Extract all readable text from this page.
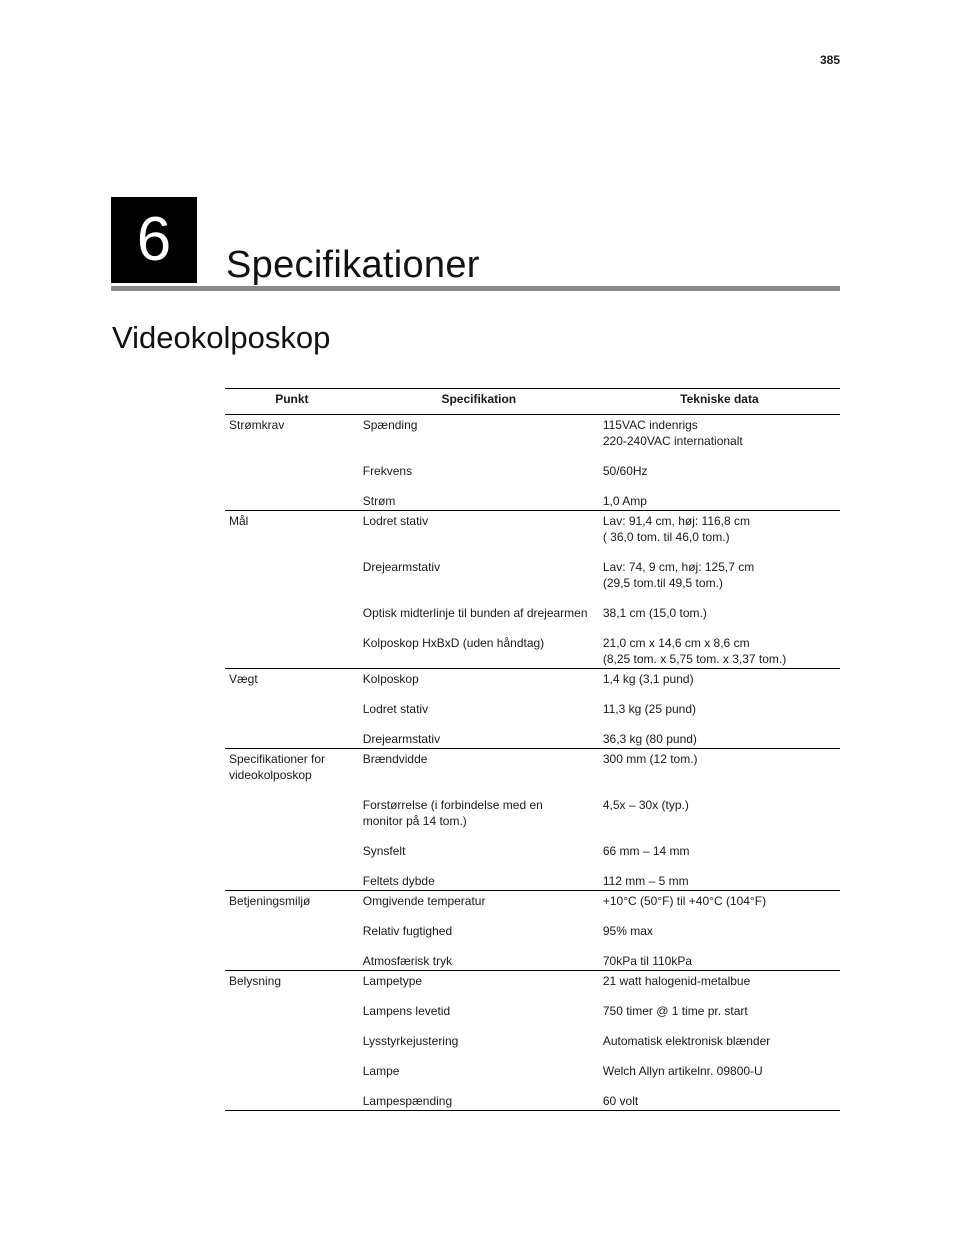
385
6 Specifikationer
Videokolposkop
Punkt	Specifikation	Tekniske data

Strømkrav	Spænding	115VAC indenrigs
220-240VAC internationalt

	Frekvens	50/60Hz

	Strøm	1,0 Amp

Mål	Lodret stativ	Lav: 91,4 cm, høj: 116,8 cm
( 36,0 tom. til 46,0 tom.)

	Drejearmstativ	Lav: 74, 9 cm, høj: 125,7 cm
(29,5 tom.til 49,5 tom.)

	Optisk midterlinje til bunden af drejearmen	38,1 cm (15,0 tom.)

	Kolposkop HxBxD (uden håndtag)	21,0 cm x 14,6 cm x 8,6 cm
(8,25 tom. x 5,75 tom. x 3,37 tom.)

Vægt	Kolposkop	1,4 kg (3,1 pund)

	Lodret stativ	11,3 kg (25 pund)

	Drejearmstativ	36,3 kg (80 pund)

Specifikationer for
videokolposkop	Brændvidde	300 mm (12 tom.)

	Forstørrelse (i forbindelse med en
monitor på 14 tom.)	4,5x – 30x (typ.)

	Synsfelt	66 mm – 14 mm

	Feltets dybde	112 mm – 5 mm

Betjeningsmiljø	Omgivende temperatur	+10°C (50°F) til +40°C (104°F)

	Relativ fugtighed	95% max

	Atmosfærisk tryk	70kPa til 110kPa

Belysning	Lampetype	21 watt halogenid-metalbue

	Lampens levetid	750 timer @ 1 time pr. start

	Lysstyrkejustering	Automatisk elektronisk blænder

	Lampe	Welch Allyn artikelnr. 09800-U

	Lampespænding	60 volt
